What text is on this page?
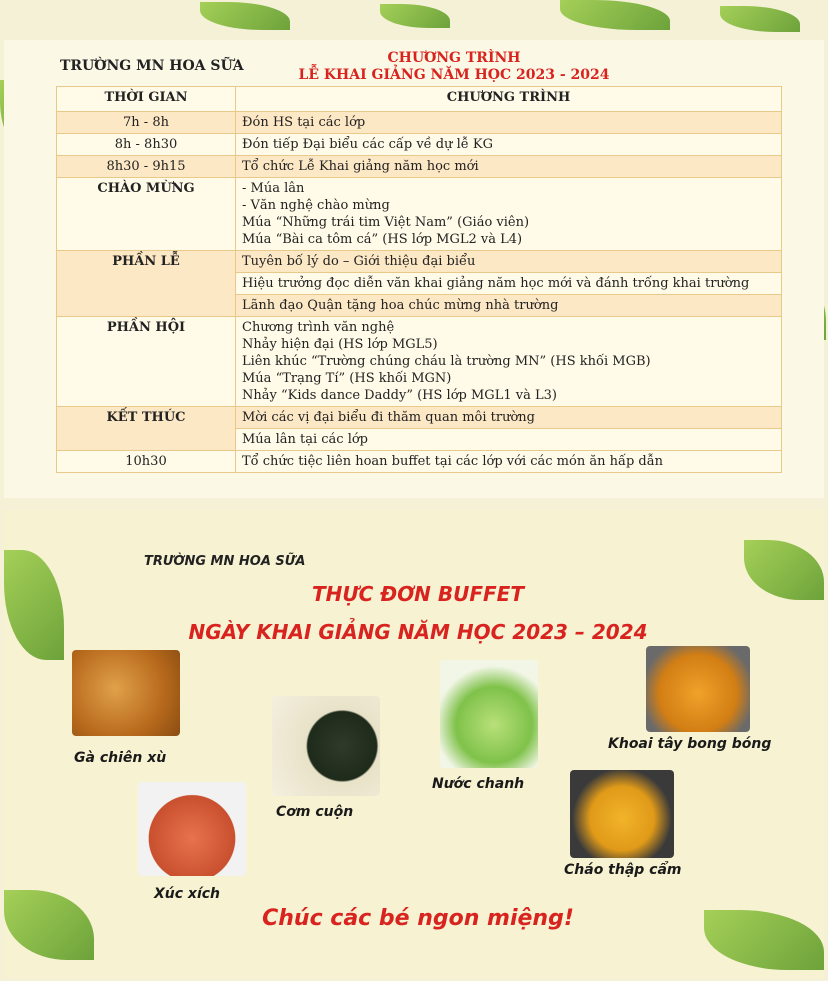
TRƯỜNG MN HOA SỮA	CHƯƠNG TRÌNH
LỄ KHAI GIẢNG NĂM HỌC 2023 - 2024
THỜI GIAN	CHƯƠNG TRÌNH
7h - 8h	Đón HS tại các lớp
8h - 8h30	Đón tiếp Đại biểu các cấp về dự lễ KG
8h30 - 9h15	Tổ chức Lễ Khai giảng năm học mới
CHÀO MỪNG	- Múa lân
- Văn nghệ chào mừng
Múa “Những trái tim Việt Nam” (Giáo viên)
Múa “Bài ca tôm cá” (HS lớp MGL2 và L4)

PHẦN LỄ	Tuyên bố lý do – Giới thiệu đại biểu
	Hiệu trưởng đọc diễn văn khai giảng năm học mới và đánh trống khai trường
	Lãnh đạo Quận tặng hoa chúc mừng nhà trường
PHẦN HỘI	Chương trình văn nghệ
Nhảy hiện đại (HS lớp MGL5)
Liên khúc “Trường chúng cháu là trường MN” (HS khối MGB)
Múa “Trạng Tí” (HS khối MGN)
Nhảy “Kids dance Daddy” (HS lớp MGL1 và L3)

KẾT THÚC	Mời các vị đại biểu đi thăm quan môi trường
	Múa lân tại các lớp
10h30	Tổ chức tiệc liên hoan buffet tại các lớp với các món ăn hấp dẫn
TRƯỜNG MN HOA SỮA
THỰC ĐƠN BUFFET
NGÀY KHAI GIẢNG NĂM HỌC 2023 – 2024
Gà chiên xù
Xúc xích
Cơm cuộn
Nước chanh
Khoai tây bong bóng
Cháo thập cẩm
Chúc các bé ngon miệng!
